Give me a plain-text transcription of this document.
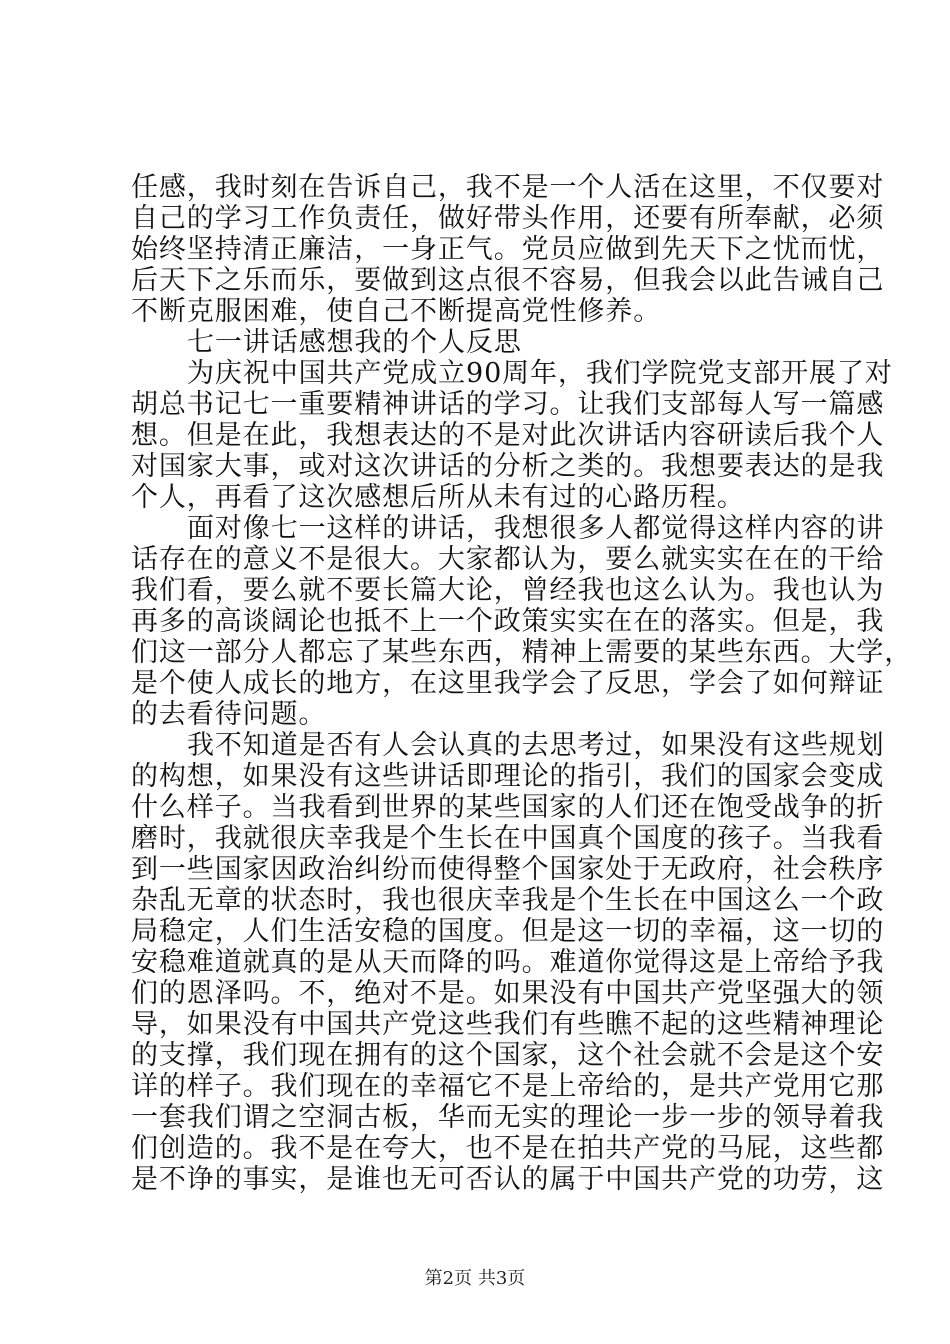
任感，我时刻在告诉自己，我不是一个人活在这里，不仅要对
自己的学习工作负责任，做好带头作用，还要有所奉献，必须
始终坚持清正廉洁，一身正气。党员应做到先天下之忧而忧，
后天下之乐而乐，要做到这点很不容易，但我会以此告诫自己
不断克服困难，使自己不断提高党性修养。
七一讲话感想我的个人反思
为庆祝中国共产党成立90周年，我们学院党支部开展了对
胡总书记七一重要精神讲话的学习。让我们支部每人写一篇感
想。但是在此，我想表达的不是对此次讲话内容研读后我个人
对国家大事，或对这次讲话的分析之类的。我想要表达的是我
个人，再看了这次感想后所从未有过的心路历程。
面对像七一这样的讲话，我想很多人都觉得这样内容的讲
话存在的意义不是很大。大家都认为，要么就实实在在的干给
我们看，要么就不要长篇大论，曾经我也这么认为。我也认为
再多的高谈阔论也抵不上一个政策实实在在的落实。但是，我
们这一部分人都忘了某些东西，精神上需要的某些东西。大学，
是个使人成长的地方，在这里我学会了反思，学会了如何辩证
的去看待问题。
我不知道是否有人会认真的去思考过，如果没有这些规划
的构想，如果没有这些讲话即理论的指引，我们的国家会变成
什么样子。当我看到世界的某些国家的人们还在饱受战争的折
磨时，我就很庆幸我是个生长在中国真个国度的孩子。当我看
到一些国家因政治纠纷而使得整个国家处于无政府，社会秩序
杂乱无章的状态时，我也很庆幸我是个生长在中国这么一个政
局稳定，人们生活安稳的国度。但是这一切的幸福，这一切的
安稳难道就真的是从天而降的吗。难道你觉得这是上帝给予我
们的恩泽吗。不，绝对不是。如果没有中国共产党坚强大的领
导，如果没有中国共产党这些我们有些瞧不起的这些精神理论
的支撑，我们现在拥有的这个国家，这个社会就不会是这个安
详的样子。我们现在的幸福它不是上帝给的，是共产党用它那
一套我们谓之空洞古板，华而无实的理论一步一步的领导着我
们创造的。我不是在夸大，也不是在拍共产党的马屁，这些都
是不诤的事实，是谁也无可否认的属于中国共产党的功劳，这
第2页 共3页
